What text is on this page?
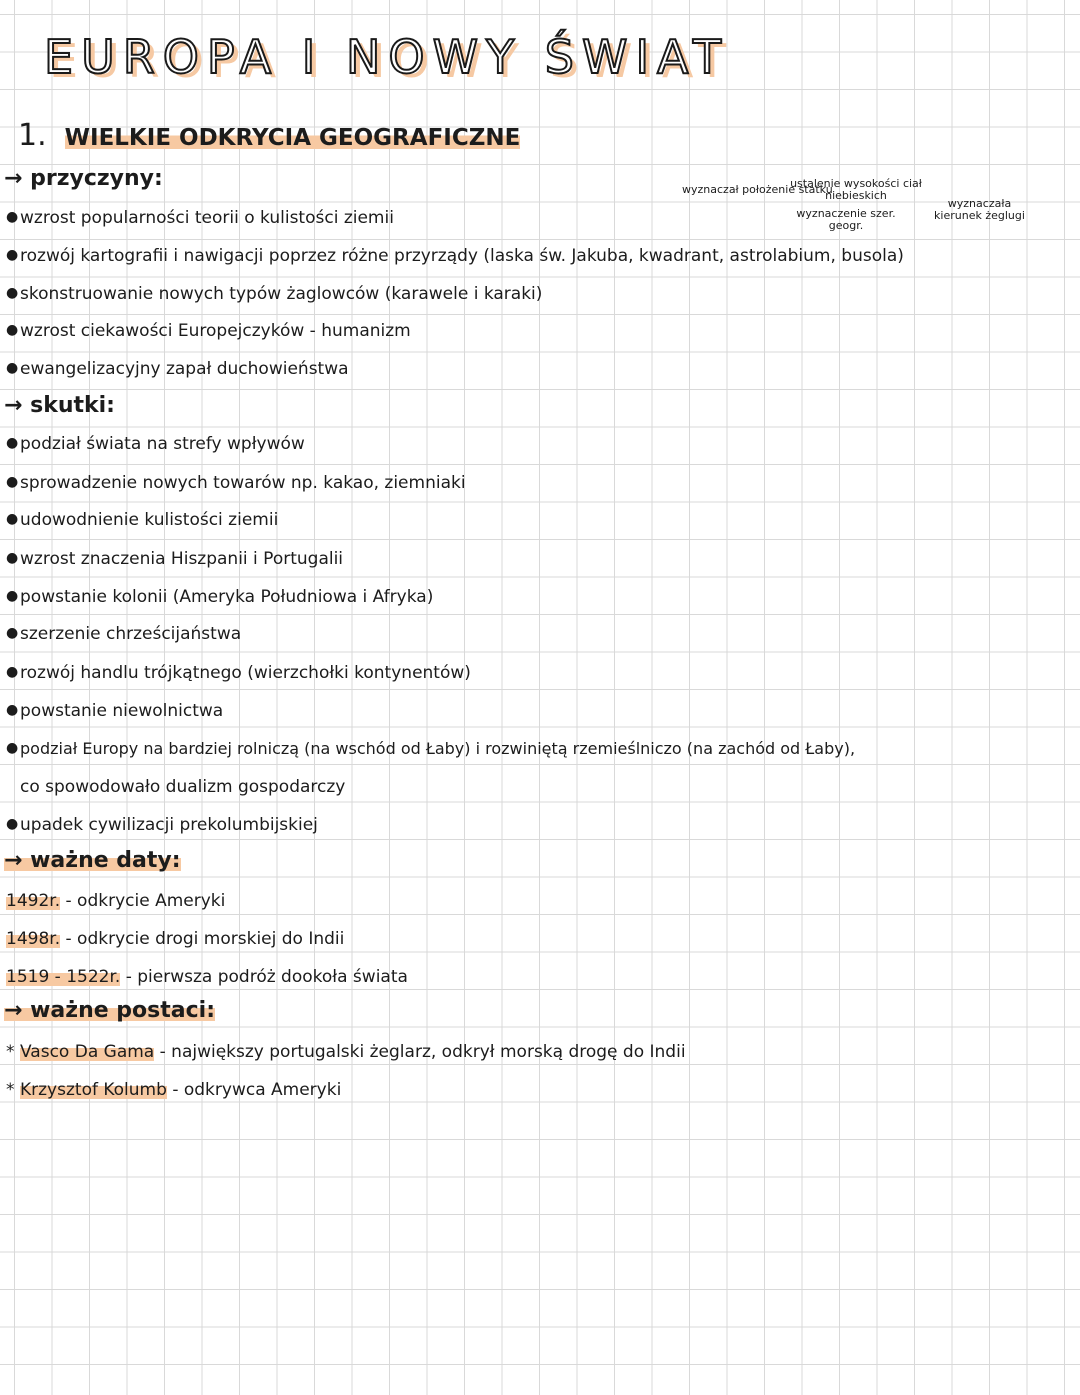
EUROPA I NOWY ŚWIAT
1. WIELKIE ODKRYCIA GEOGRAFICZNE
→ przyczyny:	wyznaczał położenie statku
ustalenie wysokości ciał niebieskich
wyznaczenie szer. geogr.
wyznaczała kierunek żeglugi
● wzrost popularności teorii o kulistości ziemii
● rozwój kartografii i nawigacji poprzez różne przyrządy (laska św. Jakuba, kwadrant, astrolabium, busola)
● skonstruowanie nowych typów żaglowców (karawele i karaki)
● wzrost ciekawości Europejczyków - humanizm
● ewangelizacyjny zapał duchowieństwa
→ skutki:
● podział świata na strefy wpływów
● sprowadzenie nowych towarów np. kakao, ziemniaki
● udowodnienie kulistości ziemii
● wzrost znaczenia Hiszpanii i Portugalii
● powstanie kolonii (Ameryka Południowa i Afryka)
● szerzenie chrześcijaństwa
● rozwój handlu trójkątnego (wierzchołki kontynentów)
● powstanie niewolnictwa
● podział Europy na bardziej rolniczą (na wschód od Łaby) i rozwiniętą rzemieślniczo (na zachód od Łaby),
co spowodowało dualizm gospodarczy
● upadek cywilizacji prekolumbijskiej
→ ważne daty:
1492r. - odkrycie Ameryki
1498r. - odkrycie drogi morskiej do Indii
1519 - 1522r. - pierwsza podróż dookoła świata
→ ważne postaci:
* Vasco Da Gama - największy portugalski żeglarz, odkrył morską drogę do Indii
* Krzysztof Kolumb - odkrywca Ameryki
